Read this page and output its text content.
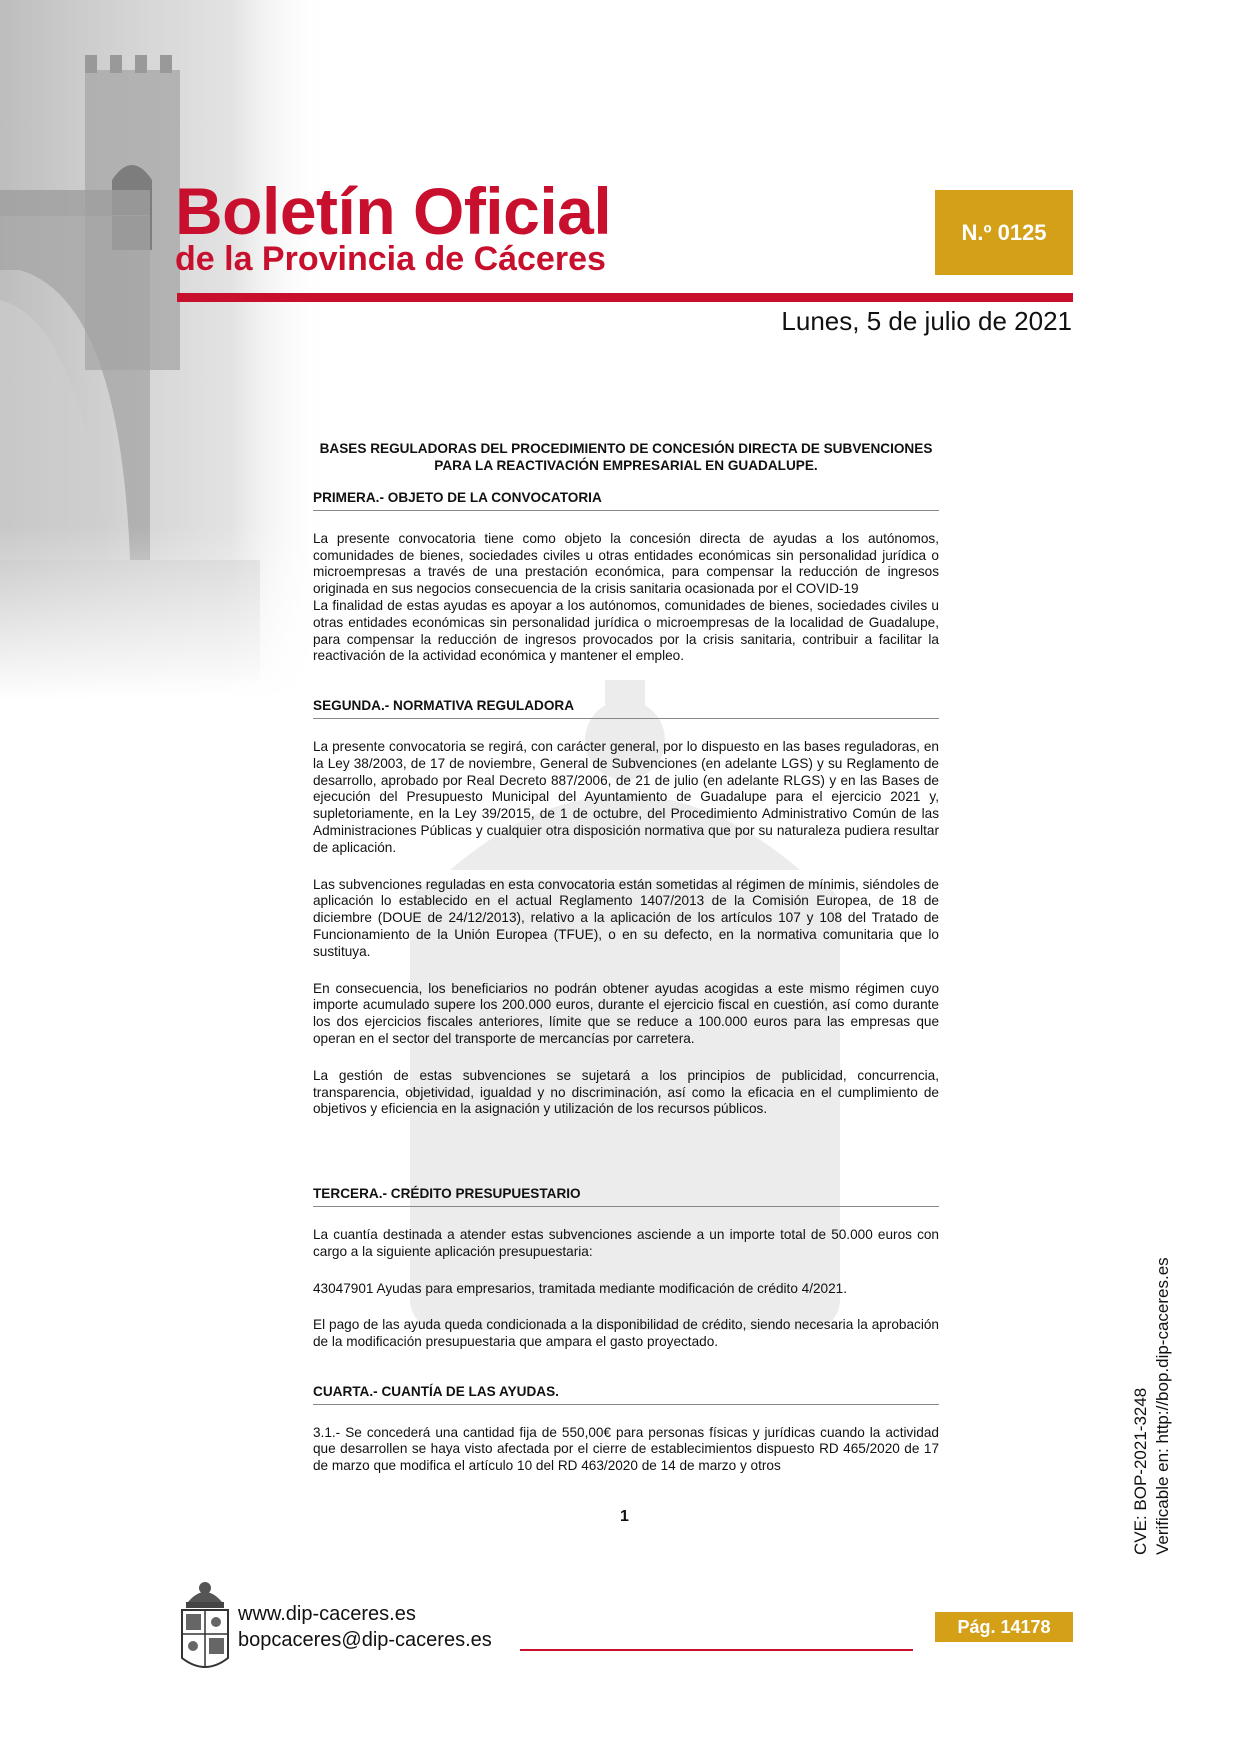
Boletín Oficial
de la Provincia de Cáceres
N.º 0125
Lunes, 5 de julio de 2021
BASES REGULADORAS DEL PROCEDIMIENTO DE CONCESIÓN DIRECTA DE SUBVENCIONES PARA LA REACTIVACIÓN EMPRESARIAL EN GUADALUPE.
PRIMERA.- OBJETO DE LA CONVOCATORIA

La presente convocatoria tiene como objeto la concesión directa de ayudas a los autónomos, comunidades de bienes, sociedades civiles u otras entidades económicas sin personalidad jurídica o microempresas a través de una prestación económica, para compensar la reducción de ingresos originada en sus negocios consecuencia de la crisis sanitaria ocasionada por el COVID-19

La finalidad de estas ayudas es apoyar a los autónomos, comunidades de bienes, sociedades civiles u otras entidades económicas sin personalidad jurídica o microempresas de la localidad de Guadalupe, para compensar la reducción de ingresos provocados por la crisis sanitaria, contribuir a facilitar la reactivación de la actividad económica y mantener el empleo.

SEGUNDA.- NORMATIVA REGULADORA

La presente convocatoria se regirá, con carácter general, por lo dispuesto en las bases reguladoras, en la Ley 38/2003, de 17 de noviembre, General de Subvenciones (en adelante LGS) y su Reglamento de desarrollo, aprobado por Real Decreto 887/2006, de 21 de julio (en adelante RLGS) y en las Bases de ejecución del Presupuesto Municipal del Ayuntamiento de Guadalupe para el ejercicio 2021 y, supletoriamente, en la Ley 39/2015, de 1 de octubre, del Procedimiento Administrativo Común de las Administraciones Públicas y cualquier otra disposición normativa que por su naturaleza pudiera resultar de aplicación.

Las subvenciones reguladas en esta convocatoria están sometidas al régimen de mínimis, siéndoles de aplicación lo establecido en el actual Reglamento 1407/2013 de la Comisión Europea, de 18 de diciembre (DOUE de 24/12/2013), relativo a la aplicación de los artículos 107 y 108 del Tratado de Funcionamiento de la Unión Europea (TFUE), o en su defecto, en la normativa comunitaria que lo sustituya.

En consecuencia, los beneficiarios no podrán obtener ayudas acogidas a este mismo régimen cuyo importe acumulado supere los 200.000 euros, durante el ejercicio fiscal en cuestión, así como durante los dos ejercicios fiscales anteriores, límite que se reduce a 100.000 euros para las empresas que operan en el sector del transporte de mercancías por carretera.

La gestión de estas subvenciones se sujetará a los principios de publicidad, concurrencia, transparencia, objetividad, igualdad y no discriminación, así como la eficacia en el cumplimiento de objetivos y eficiencia en la asignación y utilización de los recursos públicos.

TERCERA.- CRÉDITO PRESUPUESTARIO

La cuantía destinada a atender estas subvenciones asciende a un importe total de 50.000 euros con cargo a la siguiente aplicación presupuestaria:

43047901 Ayudas para empresarios, tramitada mediante modificación de crédito 4/2021.

El pago de las ayuda queda condicionada a la disponibilidad de crédito, siendo necesaria la aprobación de la modificación presupuestaria que ampara el gasto proyectado.

CUARTA.- CUANTÍA DE LAS AYUDAS.

3.1.- Se concederá una cantidad fija de 550,00€ para personas físicas y jurídicas cuando la actividad que desarrollen se haya visto afectada por el cierre de establecimientos dispuesto RD 465/2020 de 17 de marzo que modifica el artículo 10 del RD 463/2020 de 14 de marzo y otros

1	CVE: BOP-2021-3248 Verificable en: http://bop.dip-caceres.es
www.dip-caceres.es
bopcaceres@dip-caceres.es
Pág. 14178
